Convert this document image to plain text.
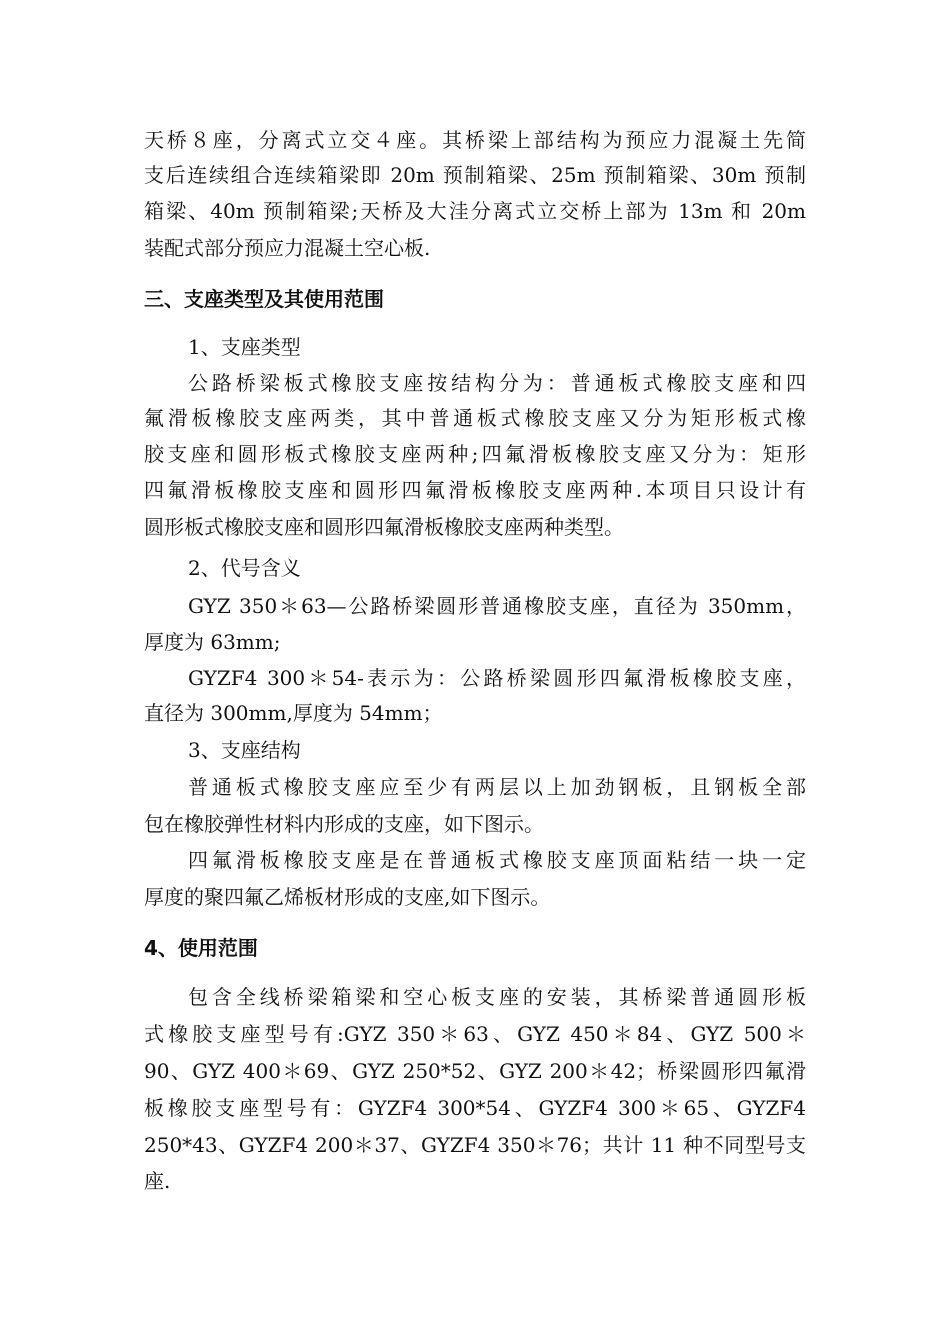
天桥８座，分离式立交４座。其桥梁上部结构为预应力混凝土先简
支后连续组合连续箱梁即 20m 预制箱梁、25m 预制箱梁、30m 预制
箱梁、40m 预制箱梁;天桥及大洼分离式立交桥上部为 13m 和 20m
装配式部分预应力混凝土空心板.
三、支座类型及其使用范围
1、支座类型
公路桥梁板式橡胶支座按结构分为：普通板式橡胶支座和四
氟滑板橡胶支座两类，其中普通板式橡胶支座又分为矩形板式橡
胶支座和圆形板式橡胶支座两种;四氟滑板橡胶支座又分为：矩形
四氟滑板橡胶支座和圆形四氟滑板橡胶支座两种.本项目只设计有
圆形板式橡胶支座和圆形四氟滑板橡胶支座两种类型。
2、代号含义
GYZ 350＊63—公路桥梁圆形普通橡胶支座，直径为 350mm，
厚度为 63mm;
GYZF4 300＊54-表示为：公路桥梁圆形四氟滑板橡胶支座，
直径为 300mm,厚度为 54mm；
3、支座结构
普通板式橡胶支座应至少有两层以上加劲钢板，且钢板全部
包在橡胶弹性材料内形成的支座，如下图示。
四氟滑板橡胶支座是在普通板式橡胶支座顶面粘结一块一定
厚度的聚四氟乙烯板材形成的支座,如下图示。
4、使用范围
包含全线桥梁箱梁和空心板支座的安装，其桥梁普通圆形板
式橡胶支座型号有:GYZ 350＊63、GYZ 450＊84、GYZ 500＊
90、GYZ 400＊69、GYZ 250*52、GYZ 200＊42；桥梁圆形四氟滑
板橡胶支座型号有：GYZF4 300*54、GYZF4 300＊65、GYZF4
250*43、GYZF4 200＊37、GYZF4 350＊76；共计 11 种不同型号支
座.
